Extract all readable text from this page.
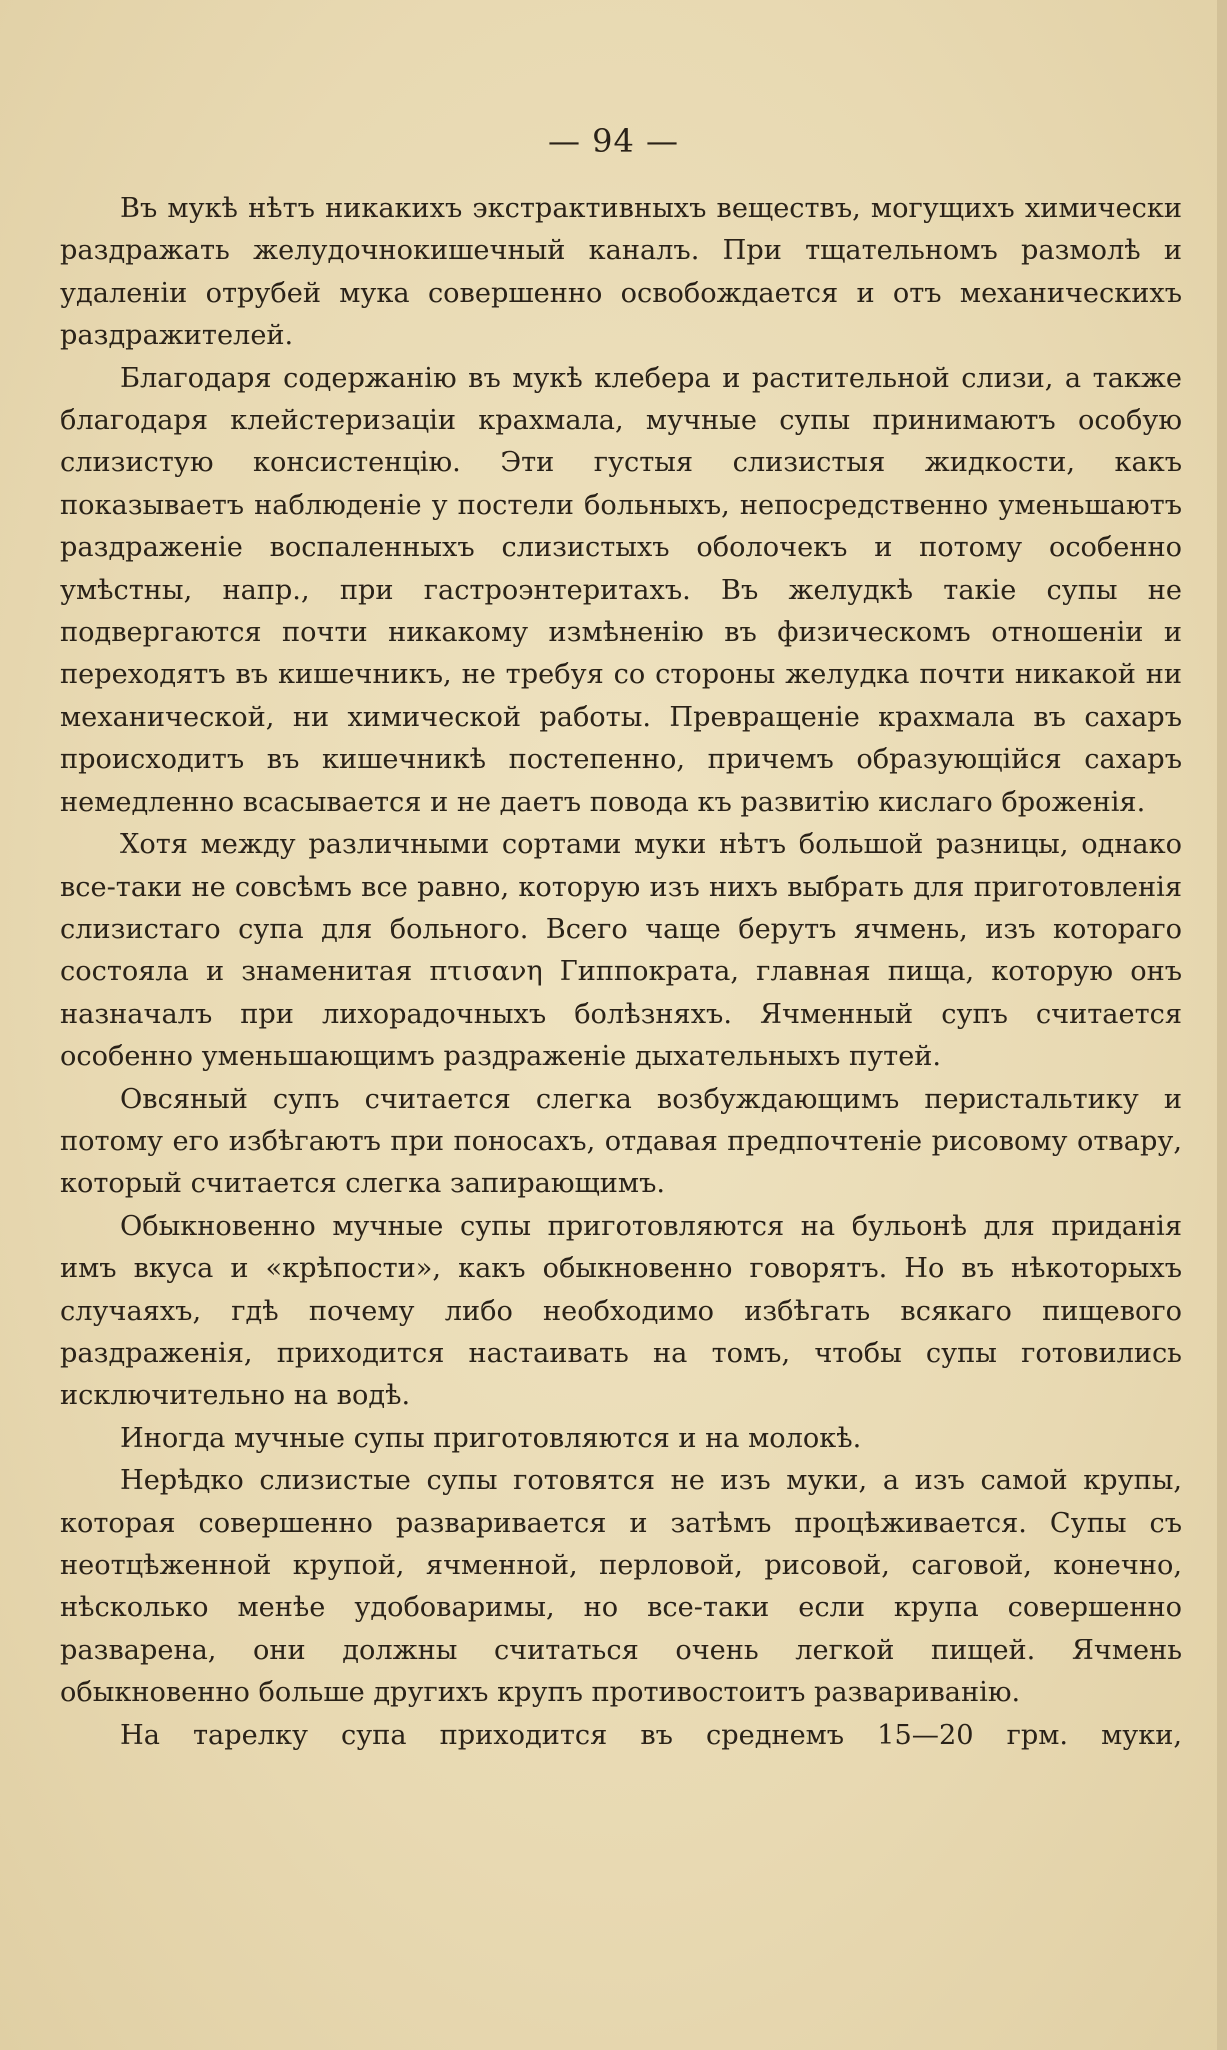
— 94 —

Въ мукѣ нѣтъ никакихъ экстрактивныхъ веществъ, могущихъ химически раздражать желудочнокишечный каналъ. При тщательномъ размолѣ и удаленіи отрубей мука совершенно освобождается и отъ механическихъ раздражителей.

Благодаря содержанію въ мукѣ клебера и растительной слизи, а также благодаря клейстеризаціи крахмала, мучные супы принимаютъ особую слизистую консистенцію. Эти густыя слизистыя жидкости, какъ показываетъ наблюденіе у постели больныхъ, непосредственно уменьшаютъ раздраженіе воспаленныхъ слизистыхъ оболочекъ и потому особенно умѣстны, напр., при гастроэнтеритахъ. Въ желудкѣ такіе супы не подвергаются почти никакому измѣненію въ физическомъ отношеніи и переходятъ въ кишечникъ, не требуя со стороны желудка почти никакой ни механической, ни химической работы. Превращеніе крахмала въ сахаръ происходитъ въ кишечникѣ постепенно, причемъ образующійся сахаръ немедленно всасывается и не даетъ повода къ развитію кислаго броженія.

Хотя между различными сортами муки нѣтъ большой разницы, однако все-таки не совсѣмъ все равно, которую изъ нихъ выбрать для приготовленія слизистаго супа для больного. Всего чаще берутъ ячмень, изъ котораго состояла и знаменитая πτισανη Гиппократа, главная пища, которую онъ назначалъ при лихорадочныхъ болѣзняхъ. Ячменный супъ считается особенно уменьшающимъ раздраженіе дыхательныхъ путей.

Овсяный супъ считается слегка возбуждающимъ перистальтику и потому его избѣгаютъ при поносахъ, отдавая предпочтеніе рисовому отвару, который считается слегка запирающимъ.

Обыкновенно мучные супы приготовляются на бульонѣ для приданія имъ вкуса и «крѣпости», какъ обыкновенно говорятъ. Но въ нѣкоторыхъ случаяхъ, гдѣ почему либо необходимо избѣгать всякаго пищевого раздраженія, приходится настаивать на томъ, чтобы супы готовились исключительно на водѣ.

Иногда мучные супы приготовляются и на молокѣ.

Нерѣдко слизистые супы готовятся не изъ муки, а изъ самой крупы, которая совершенно разваривается и затѣмъ процѣживается. Супы съ неотцѣженной крупой, ячменной, перловой, рисовой, саговой, конечно, нѣсколько менѣе удобоваримы, но все-таки если крупа совершенно разварена, они должны считаться очень легкой пищей. Ячмень обыкновенно больше другихъ крупъ противостоитъ развариванію.

На тарелку супа приходится въ среднемъ 15—20 грм. муки,
